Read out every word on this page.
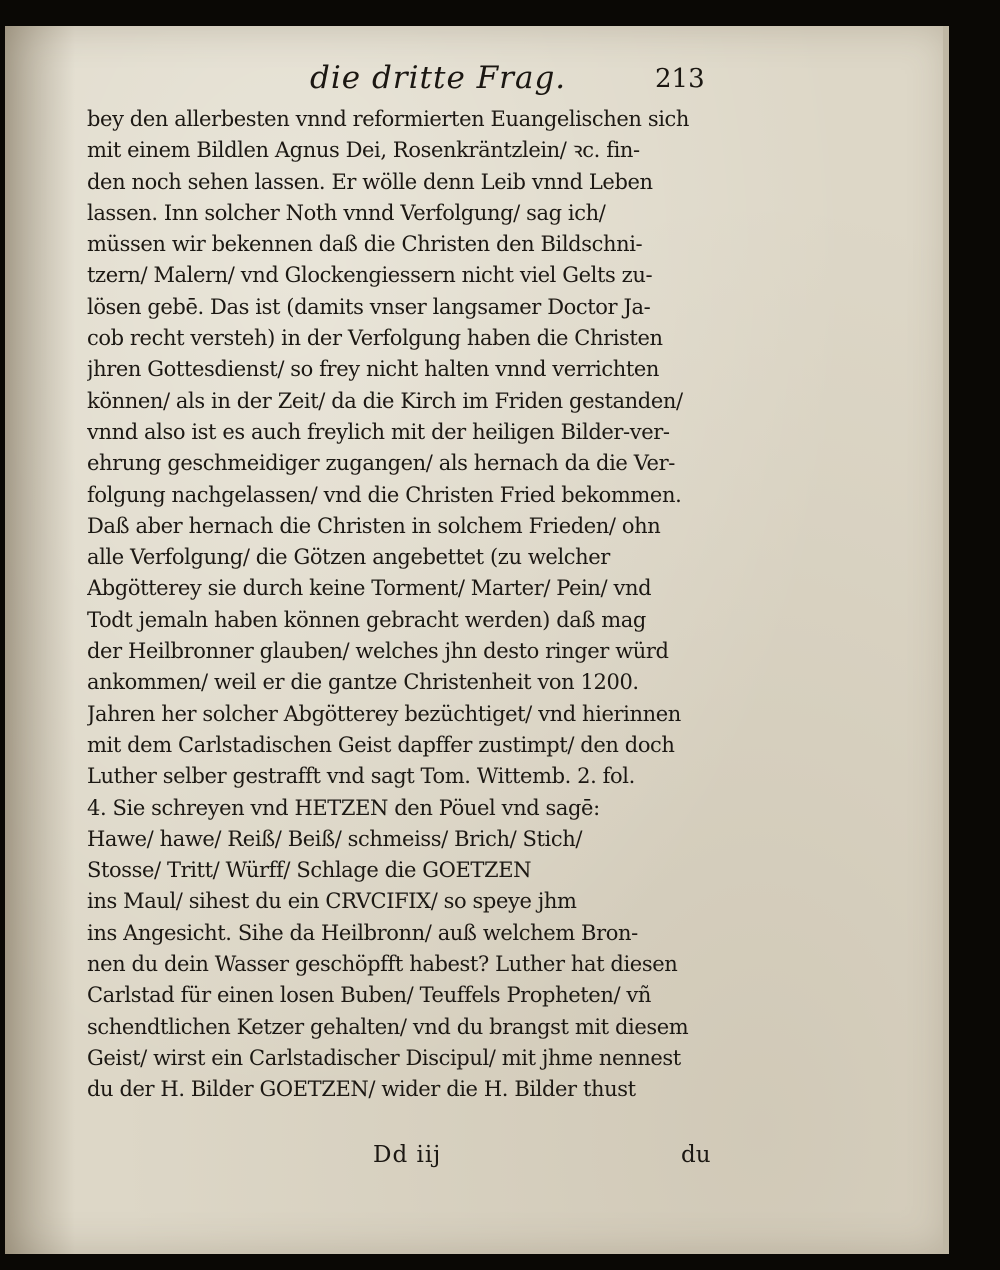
die dritte Frag.	213
bey den allerbesten vnnd reformierten Euangelischen sich
mit einem Bildlen Agnus Dei, Rosenkräntzlein/ ꝛc. fin-
den noch sehen lassen. Er wölle denn Leib vnnd Leben
lassen. Inn solcher Noth vnnd Verfolgung/ sag ich/
müssen wir bekennen daß die Christen den Bildschni-
tzern/ Malern/ vnd Glockengiessern nicht viel Gelts zu-
lösen gebē. Das ist (damits vnser langsamer Doctor Ja-
cob recht versteh) in der Verfolgung haben die Christen
jhren Gottesdienst/ so frey nicht halten vnnd verrichten
können/ als in der Zeit/ da die Kirch im Friden gestanden/
vnnd also ist es auch freylich mit der heiligen Bilder-ver-
ehrung geschmeidiger zugangen/ als hernach da die Ver-
folgung nachgelassen/ vnd die Christen Fried bekommen.
Daß aber hernach die Christen in solchem Frieden/ ohn
alle Verfolgung/ die Götzen angebettet (zu welcher
Abgötterey sie durch keine Torment/ Marter/ Pein/ vnd
Todt jemaln haben können gebracht werden) daß mag
der Heilbronner glauben/ welches jhn desto ringer würd
ankommen/ weil er die gantze Christenheit von 1200.
Jahren her solcher Abgötterey bezüchtiget/ vnd hierinnen
mit dem Carlstadischen Geist dapffer zustimpt/ den doch
Luther selber gestrafft vnd sagt Tom. Wittemb. 2. fol.
4. Sie schreyen vnd HETZEN den Pöuel vnd sagē:
Hawe/ hawe/ Reiß/ Beiß/ schmeiss/ Brich/ Stich/
Stosse/ Tritt/ Würff/ Schlage die GOETZEN
ins Maul/ sihest du ein CRVCIFIX/ so speye jhm
ins Angesicht. Sihe da Heilbronn/ auß welchem Bron-
nen du dein Wasser geschöpfft habest? Luther hat diesen
Carlstad für einen losen Buben/ Teuffels Propheten/ vñ
schendtlichen Ketzer gehalten/ vnd du brangst mit diesem
Geist/ wirst ein Carlstadischer Discipul/ mit jhme nennest
du der H. Bilder GOETZEN/ wider die H. Bilder thust
Dd iij	du
